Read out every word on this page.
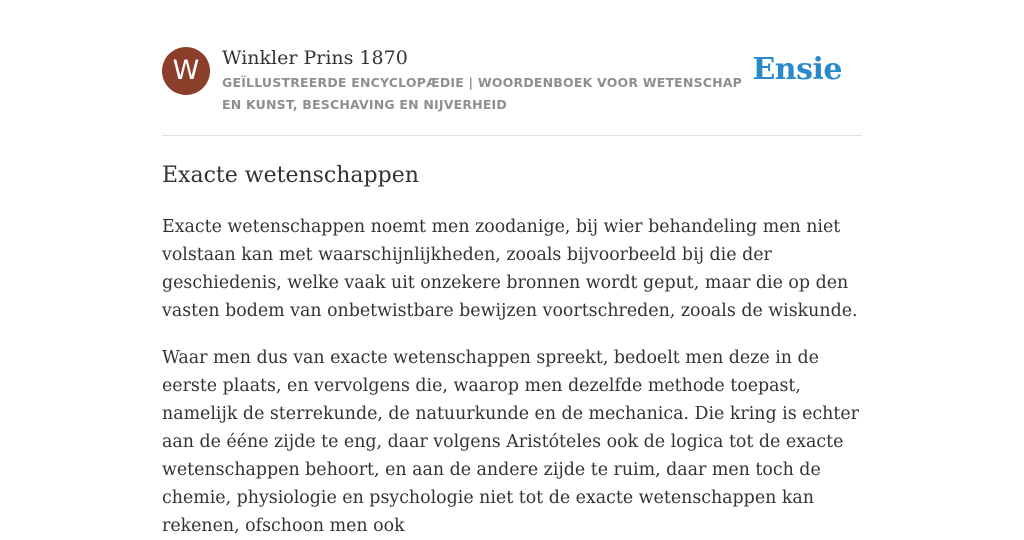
W	Winkler Prins 1870

GEÏLLUSTREERDE ENCYCLOPÆDIE | WOORDENBOEK VOOR WETENSCHAP EN KUNST, BESCHAVING EN NIJVERHEID

Ensie
Exacte wetenschappen

Exacte wetenschappen noemt men zoodanige, bij wier behandeling men niet volstaan kan met waarschijnlijkheden, zooals bijvoorbeeld bij die der geschiedenis, welke vaak uit onzekere bronnen wordt geput, maar die op den vasten bodem van onbetwistbare bewijzen voortschreden, zooals de wiskunde.

Waar men dus van exacte wetenschappen spreekt, bedoelt men deze in de eerste plaats, en vervolgens die, waarop men dezelfde methode toepast, namelijk de sterrekunde, de natuurkunde en de mechanica. Die kring is echter aan de ééne zijde te eng, daar volgens Aristóteles ook de logica tot de exacte wetenschappen behoort, en aan de andere zijde te ruim, daar men toch de chemie, physiologie en psychologie niet tot de exacte wetenschappen kan rekenen, ofschoon men ook
